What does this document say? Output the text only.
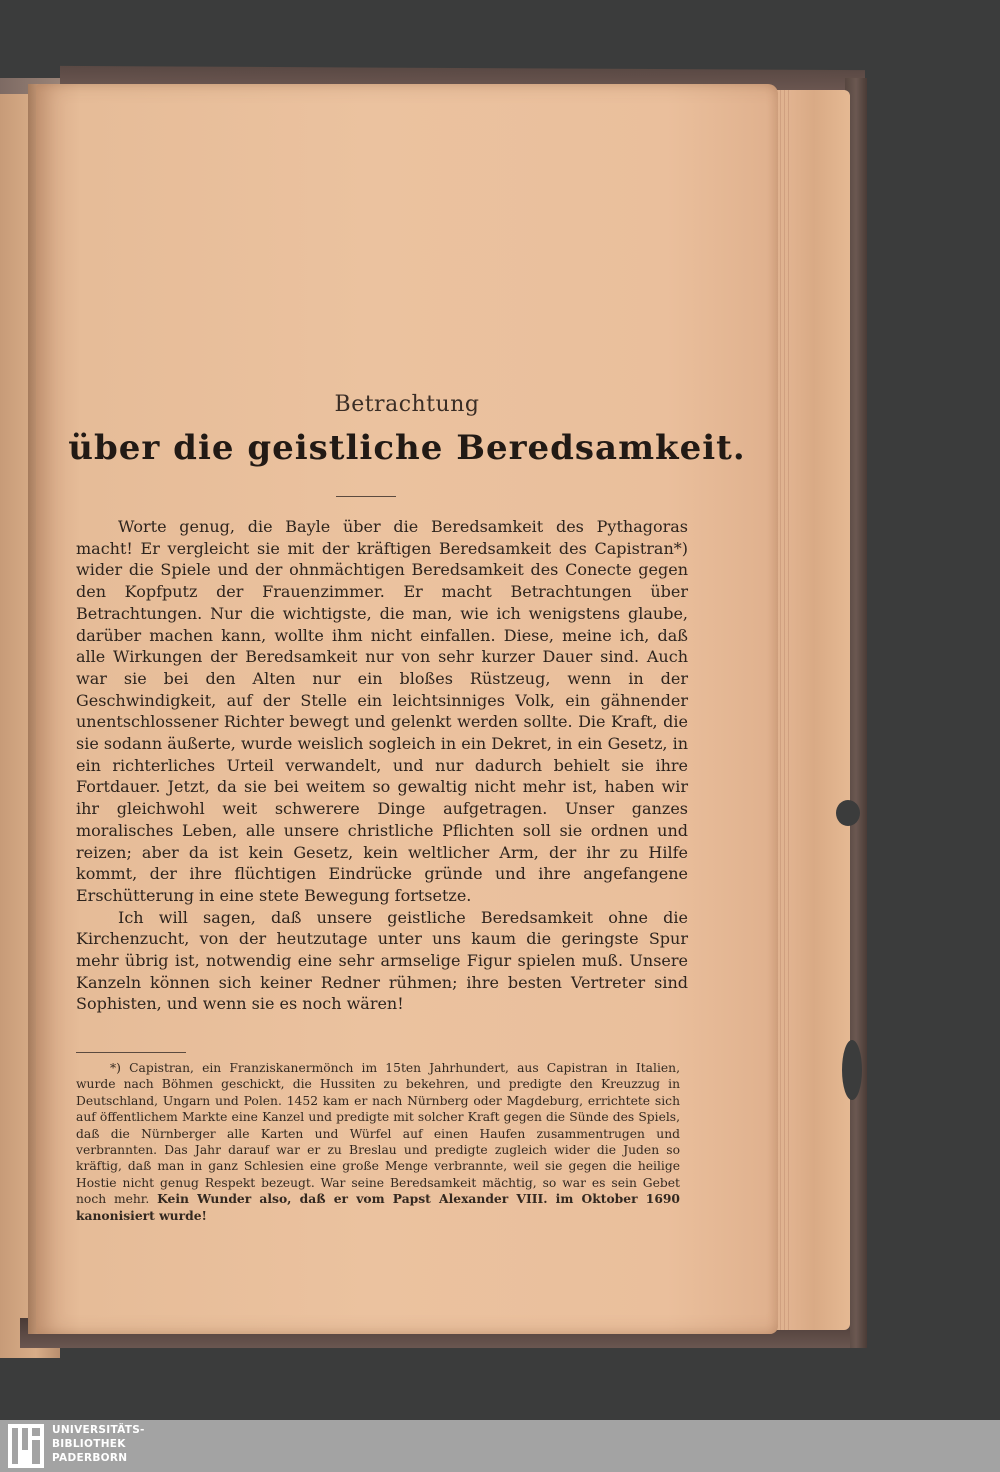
Betrachtung
über die geistliche Beredsamkeit.

Worte genug, die Bayle über die Beredsamkeit des Pythagoras macht! Er vergleicht sie mit der kräftigen Beredsamkeit des Capistran*) wider die Spiele und der ohnmächtigen Beredsamkeit des Conecte gegen den Kopfputz der Frauenzimmer. Er macht Betrachtungen über Betrachtungen. Nur die wichtigste, die man, wie ich wenigstens glaube, darüber machen kann, wollte ihm nicht einfallen. Diese, meine ich, daß alle Wirkungen der Beredsamkeit nur von sehr kurzer Dauer sind. Auch war sie bei den Alten nur ein bloßes Rüstzeug, wenn in der Geschwindigkeit, auf der Stelle ein leichtsinniges Volk, ein gähnender unentschlossener Richter bewegt und gelenkt werden sollte. Die Kraft, die sie sodann äußerte, wurde weislich sogleich in ein Dekret, in ein Gesetz, in ein richterliches Urteil verwandelt, und nur dadurch behielt sie ihre Fortdauer. Jetzt, da sie bei weitem so gewaltig nicht mehr ist, haben wir ihr gleichwohl weit schwerere Dinge aufgetragen. Unser ganzes moralisches Leben, alle unsere christliche Pflichten soll sie ordnen und reizen; aber da ist kein Gesetz, kein weltlicher Arm, der ihr zu Hilfe kommt, der ihre flüchtigen Eindrücke gründe und ihre angefangene Erschütterung in eine stete Bewegung fortsetze.

Ich will sagen, daß unsere geistliche Beredsamkeit ohne die Kirchenzucht, von der heutzutage unter uns kaum die geringste Spur mehr übrig ist, notwendig eine sehr armselige Figur spielen muß. Unsere Kanzeln können sich keiner Redner rühmen; ihre besten Vertreter sind Sophisten, und wenn sie es noch wären!

*) Capistran, ein Franziskanermönch im 15ten Jahrhundert, aus Capistran in Italien, wurde nach Böhmen geschickt, die Hussiten zu bekehren, und predigte den Kreuzzug in Deutschland, Ungarn und Polen. 1452 kam er nach Nürnberg oder Magdeburg, errichtete sich auf öffentlichem Markte eine Kanzel und predigte mit solcher Kraft gegen die Sünde des Spiels, daß die Nürnberger alle Karten und Würfel auf einen Haufen zusammentrugen und verbrannten. Das Jahr darauf war er zu Breslau und predigte zugleich wider die Juden so kräftig, daß man in ganz Schlesien eine große Menge verbrannte, weil sie gegen die heilige Hostie nicht genug Respekt bezeugt. War seine Beredsamkeit mächtig, so war es sein Gebet noch mehr. Kein Wunder also, daß er vom Papst Alexander VIII. im Oktober 1690 kanonisiert wurde!

UNIVERSITÄTS-
BIBLIOTHEK
PADERBORN
